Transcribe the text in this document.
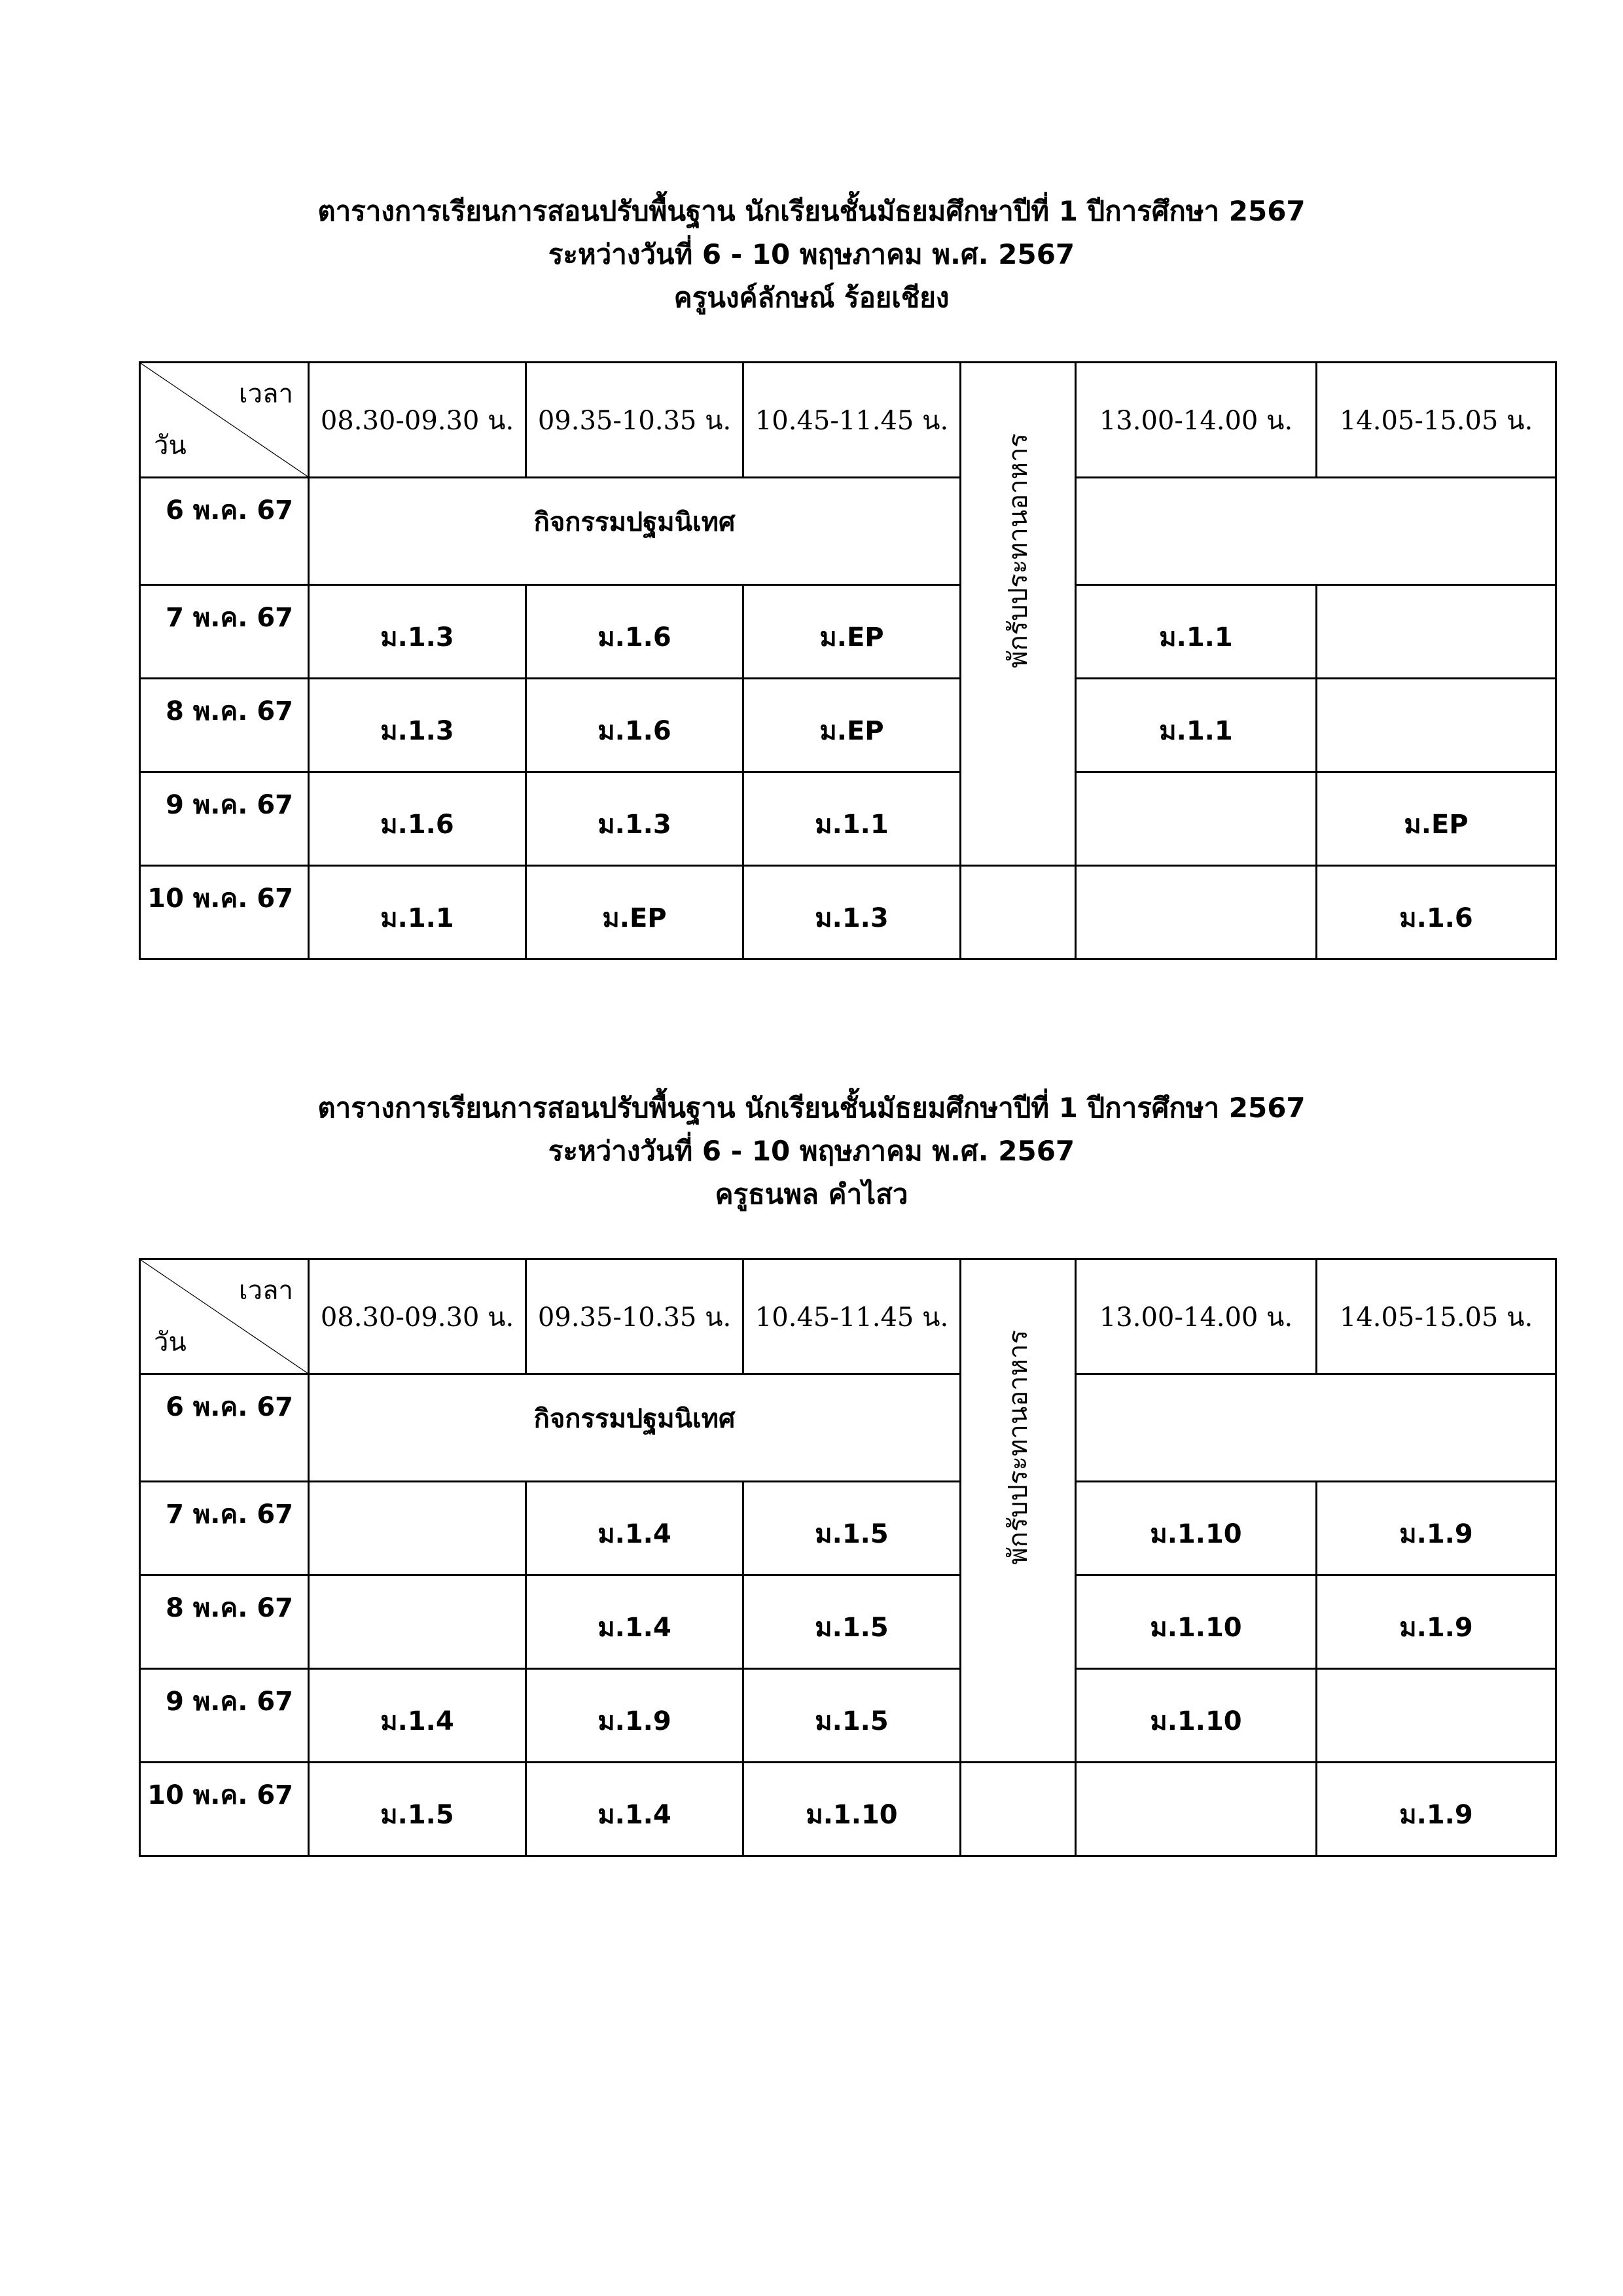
ตารางการเรียนการสอนปรับพื้นฐาน นักเรียนชั้นมัธยมศึกษาปีที่ 1 ปีการศึกษา 2567
ระหว่างวันที่ 6 - 10 พฤษภาคม พ.ศ. 2567
ครูนงค์ลักษณ์ ร้อยเชียง
เวลา
วัน	08.30-09.30 น.	09.35-10.35 น.	10.45-11.45 น.	พักรับประทานอาหาร	13.00-14.00 น.	14.05-15.05 น.
6 พ.ค. 67	กิจกรรมปฐมนิเทศ					
7 พ.ค. 67	ม.1.3	ม.1.6	ม.EP		ม.1.1	
8 พ.ค. 67	ม.1.3	ม.1.6	ม.EP		ม.1.1	
9 พ.ค. 67	ม.1.6	ม.1.3	ม.1.1			ม.EP
10 พ.ค. 67	ม.1.1	ม.EP	ม.1.3			ม.1.6
ตารางการเรียนการสอนปรับพื้นฐาน นักเรียนชั้นมัธยมศึกษาปีที่ 1 ปีการศึกษา 2567
ระหว่างวันที่ 6 - 10 พฤษภาคม พ.ศ. 2567
ครูธนพล คำไสว
เวลา
วัน	08.30-09.30 น.	09.35-10.35 น.	10.45-11.45 น.	พักรับประทานอาหาร	13.00-14.00 น.	14.05-15.05 น.
6 พ.ค. 67	กิจกรรมปฐมนิเทศ					
7 พ.ค. 67		ม.1.4	ม.1.5		ม.1.10	ม.1.9
8 พ.ค. 67		ม.1.4	ม.1.5		ม.1.10	ม.1.9
9 พ.ค. 67	ม.1.4	ม.1.9	ม.1.5		ม.1.10	
10 พ.ค. 67	ม.1.5	ม.1.4	ม.1.10			ม.1.9
